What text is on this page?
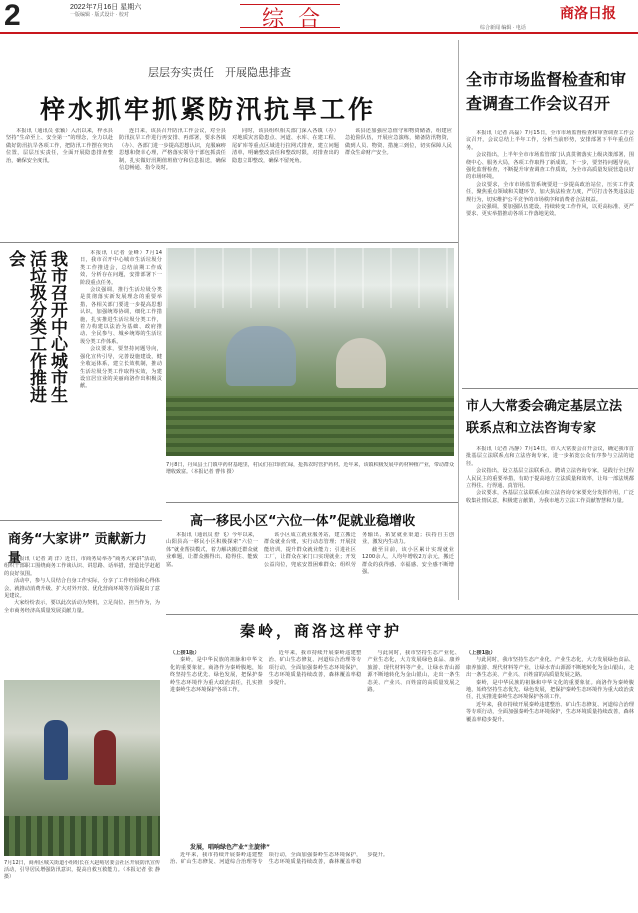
2	2022年7月16日 星期六
一版编辑 · 版式设计 · 校对	综 合	商洛日报
综合新闻 编辑 · 电话
层层夯实责任　开展隐患排查
梓水抓牢抓紧防汛抗旱工作

本报讯（通讯员 张颖）入汛以来，梓水县坚持“生命至上、安全第一”的理念，全力以赴做好防汛抗旱各项工作，把防汛工作摆在突出位置，层层压实责任，全面开展隐患排查整治，确保安全度汛。

连日来，该县召开防汛工作会议，对全县防汛抗旱工作进行再安排、再部署，要求各镇（办）、各部门进一步提高思想认识，克服麻痹思想和侥幸心理，严格落实领导干部包抓责任制，扎实做好汛期值班值守和信息报送，确保信息畅通、指令及时。

同时，该县组织相关部门深入各镇（办）对地质灾害隐患点、河道、水库、在建工程、尾矿库等重点区域进行拉网式排查，建立问题清单，明确整改责任和整改时限，对排查出的隐患立即整改，确保不留死角。

该县还加强应急值守和物资储备，组建应急抢险队伍，开展应急演练，储备防汛物资，做到人员、物资、措施三到位，切实保障人民群众生命财产安全。

全市市场监督检查和审查调查工作会议召开

本报讯（记者 高磊）7月15日，全市市场监督检查和审查调查工作会议召开，会议总结上半年工作，分析当前形势，安排部署下半年重点任务。

会议指出，上半年全市市场监管部门认真贯彻落实上级决策部署，围绕中心、服务大局，各项工作取得了新成效。下一步，要坚持问题导向，强化监督检查，不断提升审查调查工作质效，为全市高质量发展营造良好的市场环境。

会议要求，全市市场监管系统要进一步提高政治站位，压实工作责任，聚焦重点领域和关键环节，加大执法检查力度，严厉打击各类违法违规行为，切实维护公平竞争的市场秩序和消费者合法权益。

会议强调，要加强队伍建设，持续转变工作作风，以更高标准、更严要求、更实举措推动各项工作落地见效。

我市召开中心城市生活垃圾分类工作推进会	本报讯（记者 金峰）7月14日，我市召开中心城市生活垃圾分类工作推进会，总结前期工作成效，分析存在问题，安排部署下一阶段重点任务。

会议强调，推行生活垃圾分类是贯彻落实新发展理念的重要举措，各相关部门要进一步提高思想认识，加强统筹协调，细化工作措施，扎实推进生活垃圾分类工作，着力构建以法治为基础、政府推动、全民参与、城乡统筹的生活垃圾分类工作体系。

会议要求，要坚持问题导向，强化宣传引导，完善设施建设，健全收运体系，建立长效机制，推动生活垃圾分类工作取得实效，为建设宜居宜业的美丽商洛作出积极贡献。

7月8日，丹凤县土门镇中药材基地里，村民们在田间忙碌，抢抓农时管护药材。近年来，该镇积极发展中药材种植产业，带动群众增收致富。（本报记者 曹伟 摄）
市人大常委会确定基层立法联系点和立法咨询专家

本报讯（记者 冯静）7月14日，市人大常委会召开会议，确定我市首批基层立法联系点和立法咨询专家，进一步拓宽公众有序参与立法的途径。

会议指出，设立基层立法联系点、聘请立法咨询专家，是践行全过程人民民主的重要举措，有助于提高地方立法质量和效率，让每一部法规都立得住、行得通、真管用。

会议要求，各基层立法联系点和立法咨询专家要充分发挥作用，广泛收集社情民意，积极建言献策，为我市地方立法工作贡献智慧和力量。

高一移民小区“六位一体”促就业稳增收

本报讯（通讯员 舒 飞）今年以来，山阳县高一移民小区积极探索“六位一体”就业帮扶模式，着力解决搬迁群众就业难题，让群众搬得出、稳得住、能致富。

该小区成立就业服务站，建立搬迁群众就业台账，实行动态管理；开展技能培训，提升群众就业能力；引进社区工厂，让群众在家门口实现就业；开发公益岗位，兜底安置困难群众；组织劳务输出，拓宽就业渠道；扶持自主创业，激发内生动力。

截至目前，该小区累计实现就业1200余人，人均年增收2万余元，搬迁群众的获得感、幸福感、安全感不断增强。

商务“大家讲” 贡献新力量

本报讯（记者 刘 洋）近日，市商务局举办“商务大家讲”活动，组织干部职工围绕商务工作谈认识、讲思路、话举措，营造比学赶超的良好氛围。

活动中，参与人员结合自身工作实际，分享了工作经验和心得体会，就推动消费升级、扩大对外开放、优化营商环境等方面提出了意见建议。

大家纷纷表示，要以此次活动为契机，立足岗位、担当作为，为全市商务经济高质量发展贡献力量。

7月12日，商州区城关街道小组组长在大赵峪居委会社区开展防汛宣传活动，引导居民增强防汛意识，提高自救互救能力。（本报记者 张 静 摄）
秦岭，商洛这样守护

（上接1版）

秦岭，是中华民族的祖脉和中华文化的重要象征。商洛作为秦岭腹地，始终坚持生态优先、绿色发展，把保护秦岭生态环境作为重大政治责任，扎实推进秦岭生态环境保护各项工作。

近年来，我市持续开展秦岭违建整治、矿山生态修复、河道综合治理等专项行动，全面加强秦岭生态环境保护，生态环境质量持续改善，森林覆盖率稳步提升。

与此同时，我市坚持生态产业化、产业生态化，大力发展绿色食品、康养旅游、现代材料等产业，让绿水青山源源不断地转化为金山银山，走出一条生态美、产业兴、百姓富的高质量发展之路。

发展，唱响绿色产业“主旋律”

近年来，我市持续开展秦岭违建整治、矿山生态修复、河道综合治理等专项行动，全面加强秦岭生态环境保护，生态环境质量持续改善，森林覆盖率稳步提升。

（上接1版）

与此同时，我市坚持生态产业化、产业生态化，大力发展绿色食品、康养旅游、现代材料等产业，让绿水青山源源不断地转化为金山银山，走出一条生态美、产业兴、百姓富的高质量发展之路。

秦岭，是中华民族的祖脉和中华文化的重要象征。商洛作为秦岭腹地，始终坚持生态优先、绿色发展，把保护秦岭生态环境作为重大政治责任，扎实推进秦岭生态环境保护各项工作。

近年来，我市持续开展秦岭违建整治、矿山生态修复、河道综合治理等专项行动，全面加强秦岭生态环境保护，生态环境质量持续改善，森林覆盖率稳步提升。
